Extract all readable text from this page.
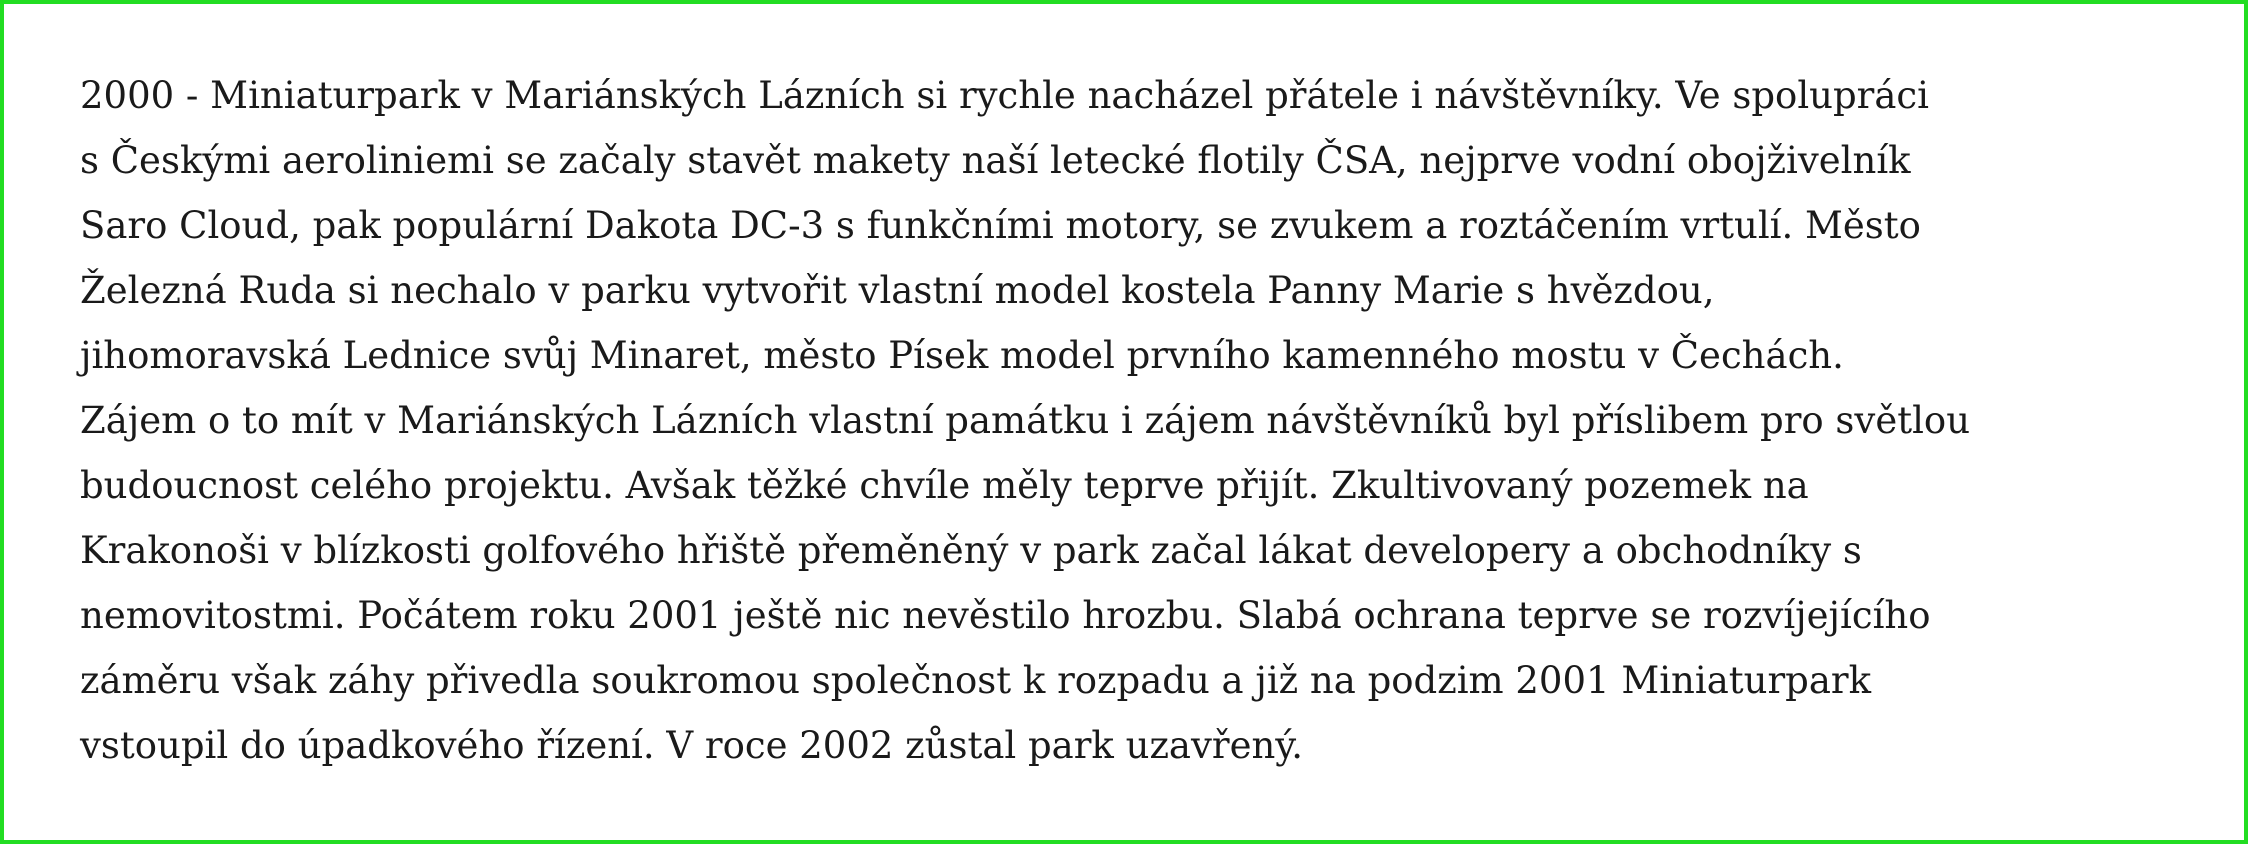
2000 - Miniaturpark v Mariánských Lázních si rychle nacházel přátele i návštěvníky. Ve spolupráci
s Českými aeroliniemi se začaly stavět makety naší letecké flotily ČSA, nejprve vodní obojživelník
Saro Cloud, pak populární Dakota DC-3 s funkčními motory, se zvukem a roztáčením vrtulí. Město
Železná Ruda si nechalo v parku vytvořit vlastní model kostela Panny Marie s hvězdou,
jihomoravská Lednice svůj Minaret, město Písek model prvního kamenného mostu v Čechách.
Zájem o to mít v Mariánských Lázních vlastní památku i zájem návštěvníků byl příslibem pro světlou
budoucnost celého projektu. Avšak těžké chvíle měly teprve přijít. Zkultivovaný pozemek na
Krakonoši v blízkosti golfového hřiště přeměněný v park začal lákat developery a obchodníky s
nemovitostmi. Počátem roku 2001 ještě nic nevěstilo hrozbu. Slabá ochrana teprve se rozvíjejícího
záměru však záhy přivedla soukromou společnost k rozpadu a již na podzim 2001 Miniaturpark
vstoupil do úpadkového řízení. V roce 2002 zůstal park uzavřený.
